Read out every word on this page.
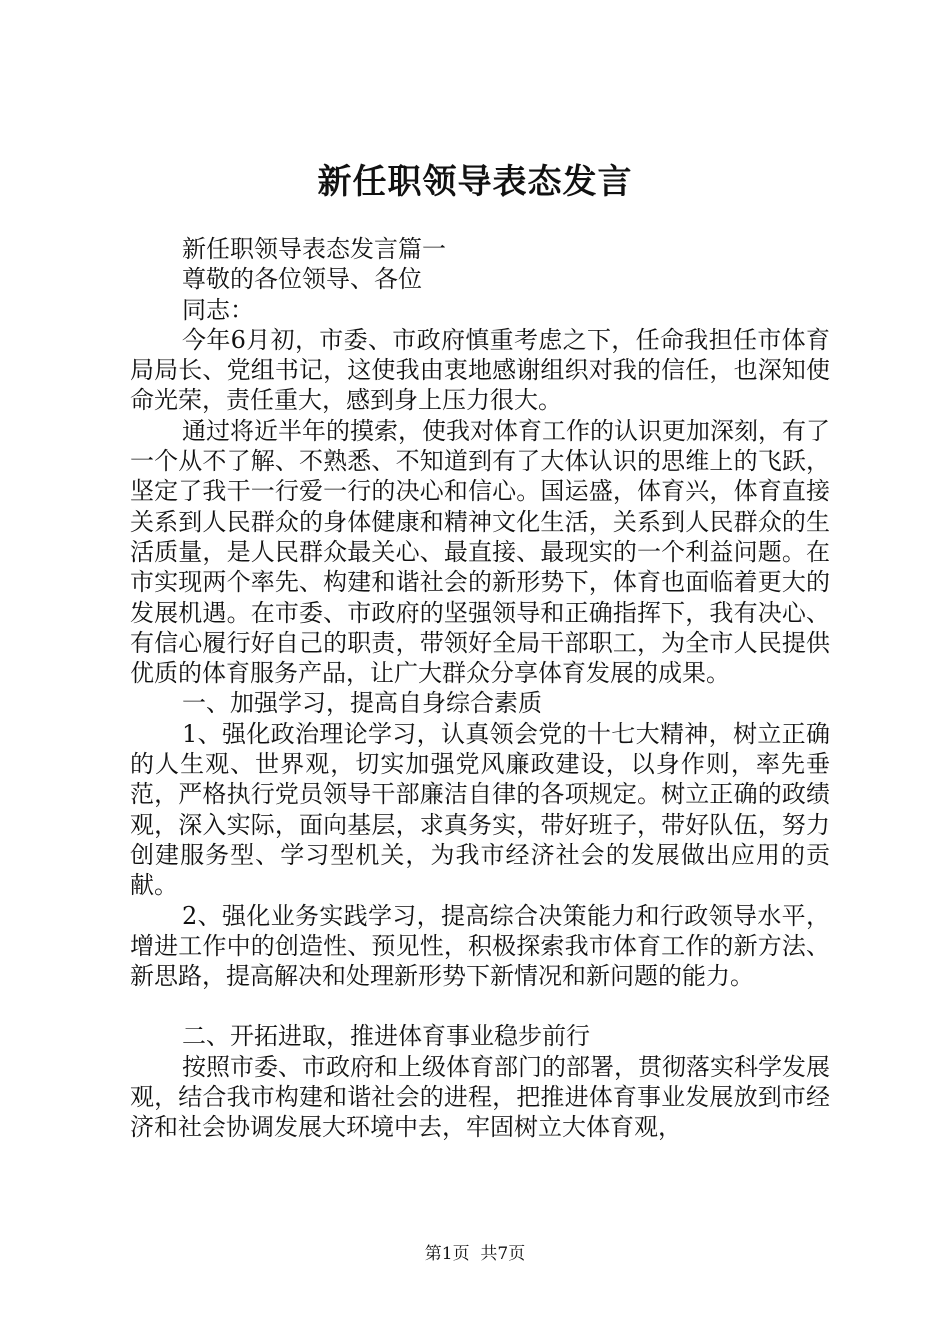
新任职领导表态发言

新任职领导表态发言篇一

尊敬的各位领导、各位

同志：

今年6月初，市委、市政府慎重考虑之下，任命我担任市体育局局长、党组书记，这使我由衷地感谢组织对我的信任，也深知使命光荣，责任重大，感到身上压力很大。

通过将近半年的摸索，使我对体育工作的认识更加深刻，有了一个从不了解、不熟悉、不知道到有了大体认识的思维上的飞跃，坚定了我干一行爱一行的决心和信心。国运盛，体育兴，体育直接关系到人民群众的身体健康和精神文化生活，关系到人民群众的生活质量，是人民群众最关心、最直接、最现实的一个利益问题。在市实现两个率先、构建和谐社会的新形势下，体育也面临着更大的发展机遇。在市委、市政府的坚强领导和正确指挥下，我有决心、有信心履行好自己的职责，带领好全局干部职工，为全市人民提供优质的体育服务产品，让广大群众分享体育发展的成果。

一、加强学习，提高自身综合素质

1、强化政治理论学习，认真领会党的十七大精神，树立正确的人生观、世界观，切实加强党风廉政建设，以身作则，率先垂范，严格执行党员领导干部廉洁自律的各项规定。树立正确的政绩观，深入实际，面向基层，求真务实，带好班子，带好队伍，努力创建服务型、学习型机关，为我市经济社会的发展做出应用的贡献。

2、强化业务实践学习，提高综合决策能力和行政领导水平，增进工作中的创造性、预见性，积极探索我市体育工作的新方法、新思路，提高解决和处理新形势下新情况和新问题的能力。

二、开拓进取，推进体育事业稳步前行

按照市委、市政府和上级体育部门的部署，贯彻落实科学发展观，结合我市构建和谐社会的进程，把推进体育事业发展放到市经济和社会协调发展大环境中去，牢固树立大体育观，

第1页 共7页
